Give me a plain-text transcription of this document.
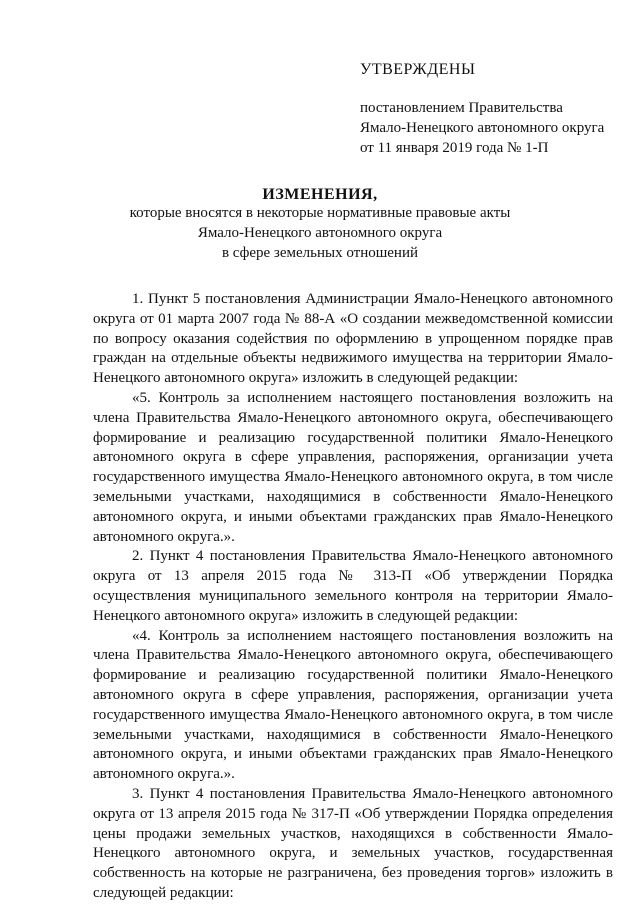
УТВЕРЖДЕНЫ
постановлением Правительства
Ямало-Ненецкого автономного округа
от 11 января 2019 года № 1-П
ИЗМЕНЕНИЯ,
которые вносятся в некоторые нормативные правовые акты
Ямало-Ненецкого автономного округа
в сфере земельных отношений

1. Пункт 5 постановления Администрации Ямало-Ненецкого автономного округа от 01 марта 2007 года № 88-А «О создании межведомственной комиссии по вопросу оказания содействия по оформлению в упрощенном порядке прав граждан на отдельные объекты недвижимого имущества на территории Ямало-Ненецкого автономного округа» изложить в следующей редакции:

«5. Контроль за исполнением настоящего постановления возложить на члена Правительства Ямало-Ненецкого автономного округа, обеспечивающего формирование и реализацию государственной политики Ямало-Ненецкого автономного округа в сфере управления, распоряжения, организации учета государственного имущества Ямало-Ненецкого автономного округа, в том числе земельными участками, находящимися в собственности Ямало-Ненецкого автономного округа, и иными объектами гражданских прав Ямало-Ненецкого автономного округа.».

2. Пункт 4 постановления Правительства Ямало-Ненецкого автономного округа от 13 апреля 2015 года № 313-П «Об утверждении Порядка осуществления муниципального земельного контроля на территории Ямало-Ненецкого автономного округа» изложить в следующей редакции:

«4. Контроль за исполнением настоящего постановления возложить на члена Правительства Ямало-Ненецкого автономного округа, обеспечивающего формирование и реализацию государственной политики Ямало-Ненецкого автономного округа в сфере управления, распоряжения, организации учета государственного имущества Ямало-Ненецкого автономного округа, в том числе земельными участками, находящимися в собственности Ямало-Ненецкого автономного округа, и иными объектами гражданских прав Ямало-Ненецкого автономного округа.».

3. Пункт 4 постановления Правительства Ямало-Ненецкого автономного округа от 13 апреля 2015 года № 317-П «Об утверждении Порядка определения цены продажи земельных участков, находящихся в собственности Ямало-Ненецкого автономного округа, и земельных участков, государственная собственность на которые не разграничена, без проведения торгов» изложить в следующей редакции:
